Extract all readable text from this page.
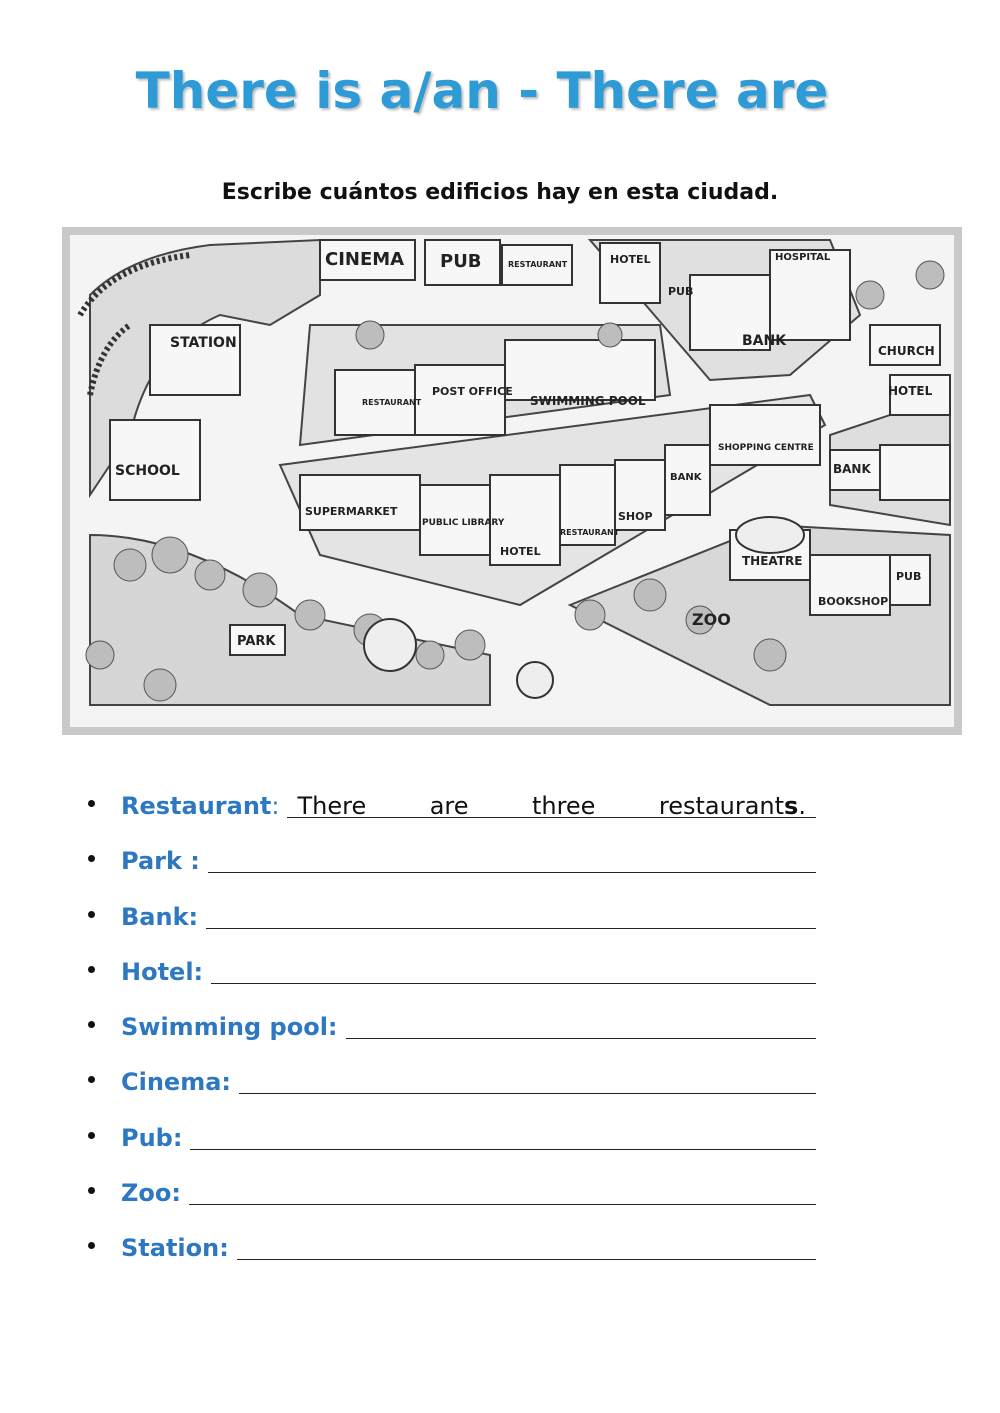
There is a/an - There are
Escribe cuántos edificios hay en esta ciudad.
CINEMA PUB	RESTAURANT	HOTEL
PUB
HOSPITAL
BANK
CHURCH
HOTEL
STATION
RESTAURANT
POST OFFICE
SWIMMING POOL
SCHOOL
SUPERMARKET
PUBLIC LIBRARY
HOTEL
RESTAURANT
SHOP
BANK
SHOPPING CENTRE
BANK
THEATRE
ZOO
BOOKSHOP
PUB
PARK
Restaurant : There	are	three	restaurants.
Park :
Bank:
Hotel:
Swimming pool:
Cinema:
Pub:
Zoo:
Station:
